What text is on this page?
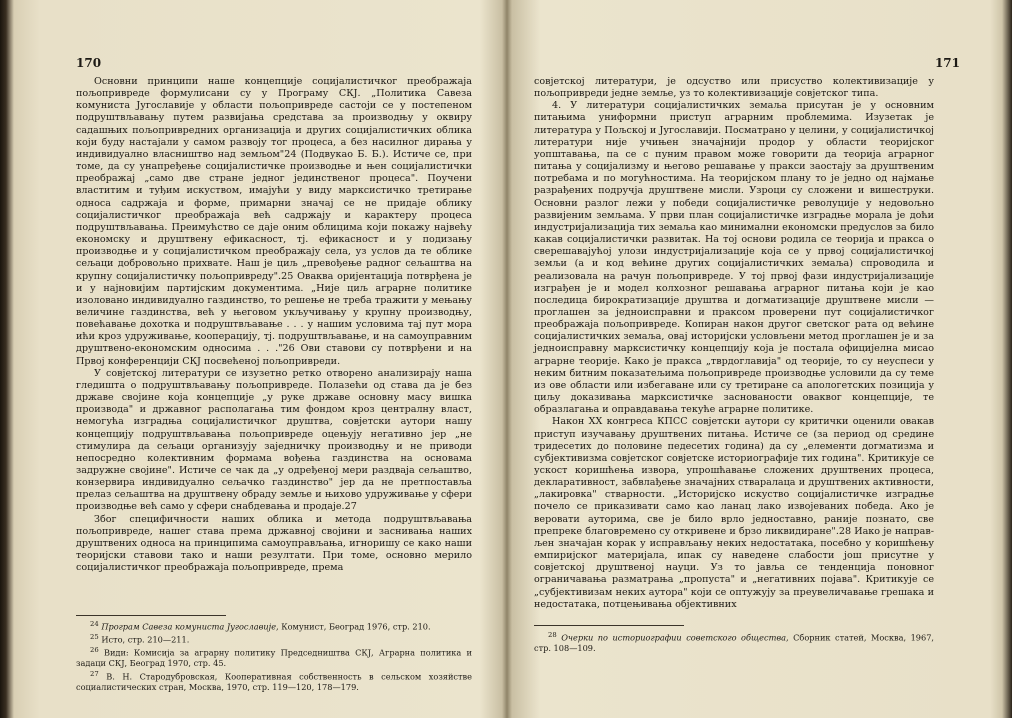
170

Основни принципи наше концепције социјалистичког преображаја пољопривреде формулисани су у Програму СКЈ. „Политика Савеза комуниста Југославије у области пољопривреде састоји се у постепеном подруштвљавању путем развијања средстава за производњу у оквиру садашњих пољопривредних организација и других социјалистичких облика који буду настајали у самом развоју тог процеса, а без насилног дирања у индивидуално власништво над земљом"24 (Подвукао Б. Б.). Истиче се, при томе, да су унапређење социјалистичке производње и њен социјалистички преображај „само две стране једног јединственог процеса". Поучени властитим и туђим искуством, имајући у виду марксистичко третирање односа садржаја и форме, примарни значај се не придаје облику социјалистичког преображаја већ садржају и карактеру процеса подруштвљавања. Преимућство се даје оним облицима који покажу највећу економску и друштвену ефикасност, тј. ефикасност и у подизању производње и у социјалистичком преображају села, уз услов да те облике сељаци добровољно прихвате. Наш је циљ „превођење радног сељаштва на крупну социјалистичку пољопривреду".25 Оваква оријентација потврђена је и у најновијим партијским документима. „Није циљ аграрне политике изоловано индивидуално газдинство, то решење не треба тражити у мењању величине газдинства, већ у његовом укључивању у крупну производњу, повећавање дохотка и подруштвљавање . . . у нашим условима тај пут мора ићи кроз удруживање, кооперацију, тј. подруштвљавање, и на самоуправним друштвено-економским односима . . ."26 Ови ставови су потврђени и на Првој конференцији СКЈ посвећеној пољопривреди.

У совјетској литератури се изузетно ретко отворено анализирају наша гледишта о подруштвљавању пољопривреде. Полазећи од става да је без државе својине која концепције „у руке државе основну масу вишка производа" и државног располагања тим фондом кроз централну власт, немогућа изградња социјалистичког друштва, совјетски аутори нашу концепцију подруштвљавања пољопривреде оцењују негативно јер „не стимулира да сељаци организују заједничку производњу и не приводи непосредно колективним формама вођења газдинства на основама задружне својине". Истиче се чак да „у одређеној мери раздваја сељаштво, конзервира индивидуално сељачко газдинство" јер да не претпоставља прелаз сељаштва на друштвену обраду земље и њихово удруживање у сфери производње већ само у сфери снабдевања и продаје.27

Због специфичности наших облика и метода подруштвљавања пољопривреде, нашег става према државној својини и заснивања наших друштвених односа на принципима самоуправљања, игноришу се како наши теоријски ставови тако и наши резултати. При томе, основно мерило социјалистичког преображаја пољопривреде, према

$^{24}$ Програм Савеза комуниста Југославије, Комунист, Београд 1976, стр. 210.

$^{25}$ Исто, стр. 210—211.

$^{26}$ Види: Комисија за аграрну политику Председништва СКЈ, Аграрна политика и задаци СКЈ, Београд 1970, стр. 45.

$^{27}$ В. Н. Стародубровская, Кооперативная собственность в сельском хозяйстве социалистических стран, Москва, 1970, стр. 119—120, 178—179.

171

совјетској литератури, је одсуство или присуство колективизације у пољопривреди једне земље, уз то колективизације совјетског типа.

4. У литератури социјалистичких земаља присутан је у основним питањима униформни приступ аграрним проблемима. Изузетак је литература у Пољској и Југославији. Посматрано у целини, у социјалистичкој литератури није учињен значајнији продор у области теоријског уопштавања, па се с пуним правом може говорити да теорија аграрног питања у социјализму и његово решавање у пракси заостају за друштвеним потребама и по могућностима. На теоријском плану то је једно од најмање разрађених подручја друштвене мисли. Узроци су сложени и вишеструки. Основни разлог лежи у победи социјалистичке револуције у недовољно развијеним земљама. У први план социјалистичке изградње морала је доћи индустријализација тих земаља као минимални економски предуслов за било какав социјалистички развитак. На тој основи родила се теорија и пракса о сверешавајућој улози индустријализације која се у првој социјалистичкој земљи (а и код већине других социјалистичких земаља) спроводила и реализовала на рачун пољопривреде. У тој првој фази индустријализације изграђен је и модел колхозног решавања аграрног питања који је као последица бирократизације друштва и догматизације друштвене мисли — проглашен за једноисправни и праксом проверени пут социјалистичког преображаја пољопривреде. Копиран након другог светског рата од већине социјалистичких земаља, овај историјски условљени метод проглашен је и за једноисправну марксистичку концепцију која је постала официјелна мисао аграрне теорије. Како је пракса „тврдоглавија" од теорије, то су неуспеси у неким битним показатељима пољопривреде производње условили да су теме из ове области или избегаване или су третиране са апологетских позиција у циљу доказивања марксистичке заснованости оваквог концепције, те образлагања и оправдавања текуће аграрне политике.

Након XX конгреса КПСС совјетски аутори су критички оценили овакав приступ изучавању друштвених питања. Истиче се (за период од средине тридесетих до половине педесетих година) да су „елементи догматизма и субјективизма совјетског совјетске историографије тих година". Критикује се ускост коришћења извора, упрошћавање сложених друштвених процеса, декларативност, забвлађење значајних стваралаца и друштвених активности, „лакировка" стварности. „Историјско искуство социјалистичке изградње почело се приказивати само као ланац лако извојеваних победа. Ако је веровати ауторима, све је било врло једноставно, раније познато, све препреке благовремено су откривене и брзо ликвидиране".28 Иако је направљен значајан корак у исправљању неких недостатака, посебно у коришћењу емпиријског материјала, ипак су наведене слабости још присутне у совјетској друштвеној науци. Уз то јавља се тенденција поновног ограничавања разматрања „пропуста" и „негативних појава". Критикује се „субјективизам неких аутора" који се оптужују за преувеличавање грешака и недостатака, потцењивања објективних

$^{28}$ Очерки по историографии советского общества, Сборник статей, Москва, 1967, стр. 108—109.
